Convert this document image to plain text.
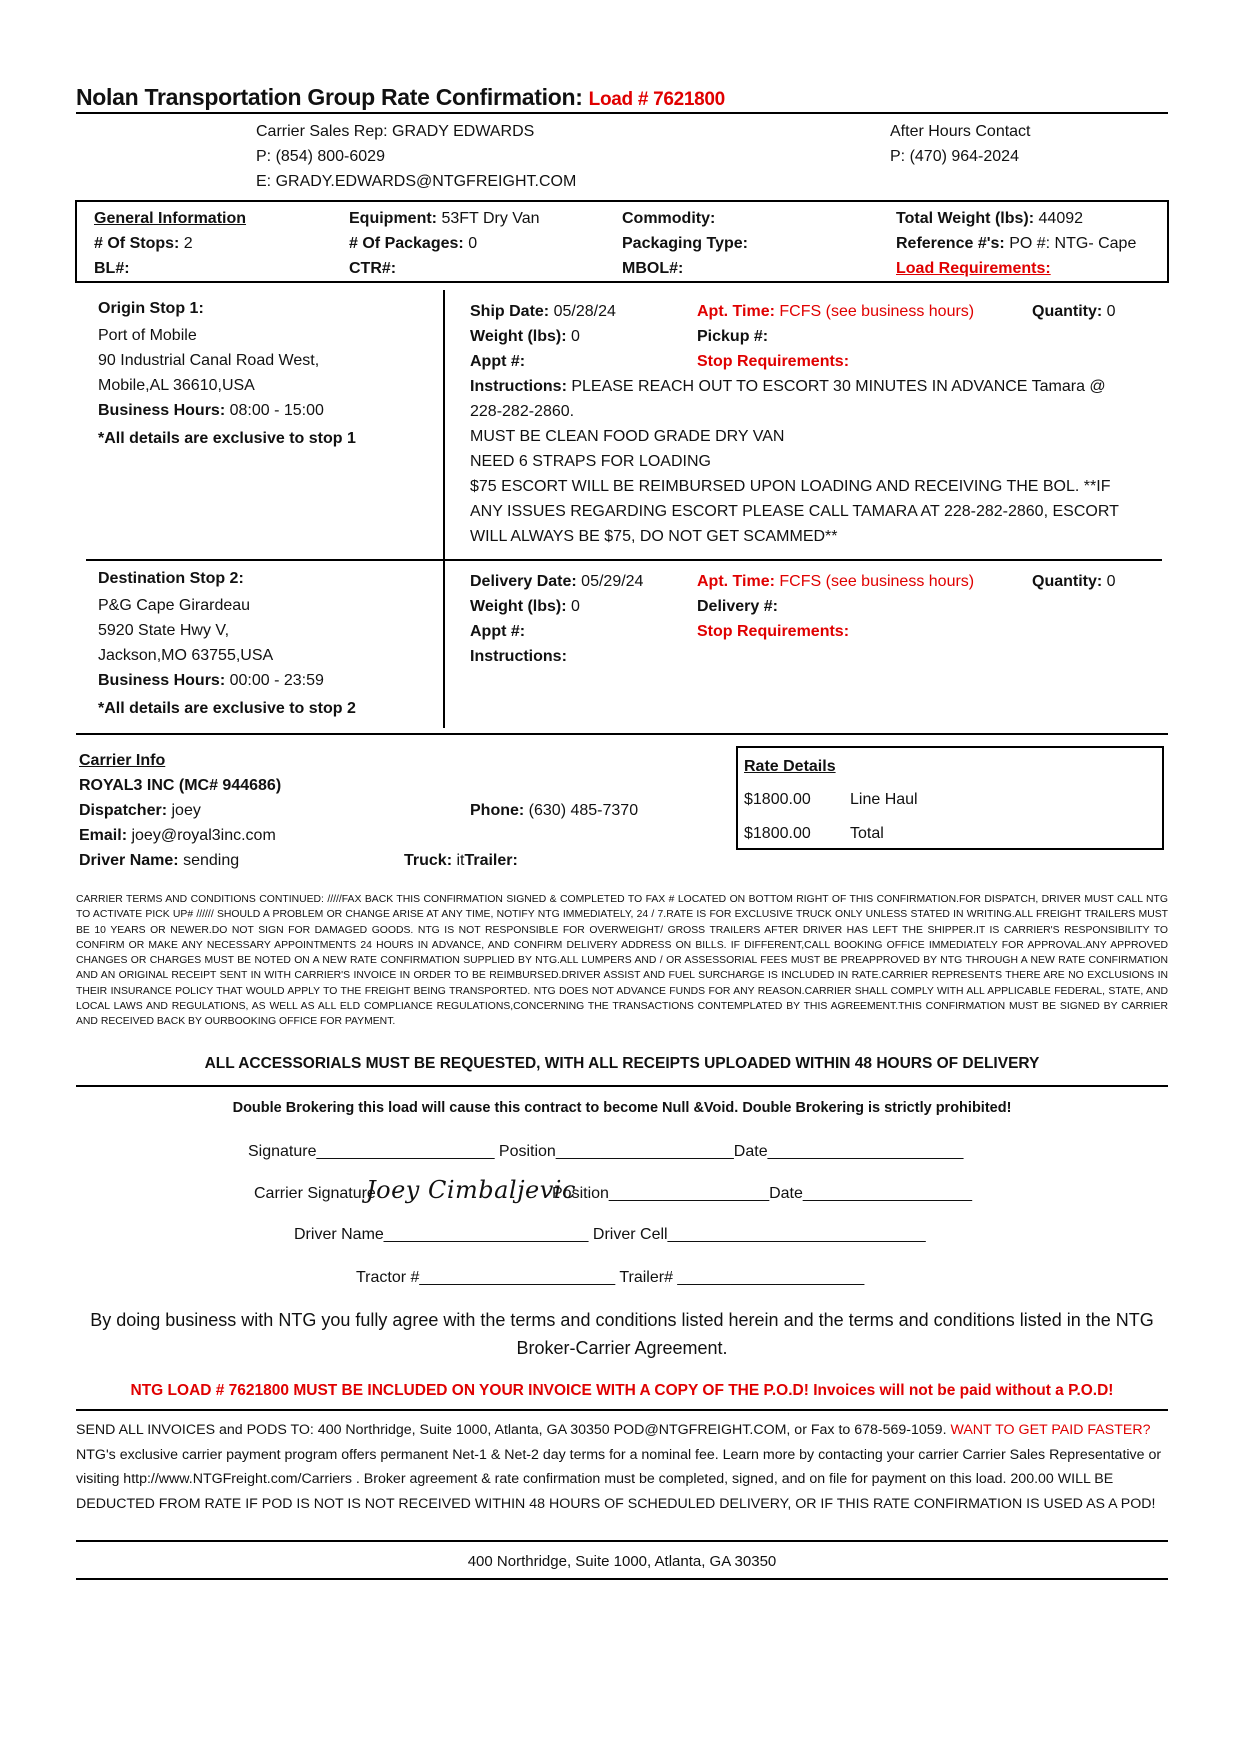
Nolan Transportation Group Rate Confirmation: Load # 7621800
Carrier Sales Rep: GRADY EDWARDS
P: (854) 800-6029
E: GRADY.EDWARDS@NTGFREIGHT.COM
After Hours Contact
P: (470) 964-2024
General Information
# Of Stops: 2
BL#:
Equipment: 53FT Dry Van
# Of Packages: 0
CTR#:
Commodity:
Packaging Type:
MBOL#:
Total Weight (lbs): 44092
Reference #'s: PO #: NTG- Cape
Load Requirements:
Origin Stop 1:
Port of Mobile
90 Industrial Canal Road West,
Mobile,AL 36610,USA
Business Hours: 08:00 - 15:00
*All details are exclusive to stop 1
Ship Date: 05/28/24
Weight (lbs): 0
Appt #:
Apt. Time: FCFS (see business hours)
Pickup #:
Stop Requirements:
Quantity: 0
Instructions: PLEASE REACH OUT TO ESCORT 30 MINUTES IN ADVANCE Tamara @
228-282-2860.
MUST BE CLEAN FOOD GRADE DRY VAN
NEED 6 STRAPS FOR LOADING
$75 ESCORT WILL BE REIMBURSED UPON LOADING AND RECEIVING THE BOL. **IF
ANY ISSUES REGARDING ESCORT PLEASE CALL TAMARA AT 228-282-2860, ESCORT
WILL ALWAYS BE $75, DO NOT GET SCAMMED**
Destination Stop 2:
P&G Cape Girardeau
5920 State Hwy V,
Jackson,MO 63755,USA
Business Hours: 00:00 - 23:59
*All details are exclusive to stop 2
Delivery Date: 05/29/24
Weight (lbs): 0
Appt #:
Instructions:
Apt. Time: FCFS (see business hours)
Delivery #:
Stop Requirements:
Quantity: 0
Carrier Info
ROYAL3 INC (MC# 944686)
Dispatcher: joey
Email: joey@royal3inc.com
Driver Name: sending
Phone: (630) 485-7370
Truck: itTrailer:
Rate Details
$1800.00 Line Haul
$1800.00 Total
CARRIER TERMS AND CONDITIONS CONTINUED: /////FAX BACK THIS CONFIRMATION SIGNED & COMPLETED TO FAX # LOCATED ON BOTTOM RIGHT OF THIS CONFIRMATION.FOR DISPATCH, DRIVER MUST CALL NTG TO ACTIVATE PICK UP# ////// SHOULD A PROBLEM OR CHANGE ARISE AT ANY TIME, NOTIFY NTG IMMEDIATELY, 24 / 7.RATE IS FOR EXCLUSIVE TRUCK ONLY UNLESS STATED IN WRITING.ALL FREIGHT TRAILERS MUST BE 10 YEARS OR NEWER.DO NOT SIGN FOR DAMAGED GOODS. NTG IS NOT RESPONSIBLE FOR OVERWEIGHT/ GROSS TRAILERS AFTER DRIVER HAS LEFT THE SHIPPER.IT IS CARRIER'S RESPONSIBILITY TO CONFIRM OR MAKE ANY NECESSARY APPOINTMENTS 24 HOURS IN ADVANCE, AND CONFIRM DELIVERY ADDRESS ON BILLS. IF DIFFERENT,CALL BOOKING OFFICE IMMEDIATELY FOR APPROVAL.ANY APPROVED CHANGES OR CHARGES MUST BE NOTED ON A NEW RATE CONFIRMATION SUPPLIED BY NTG.ALL LUMPERS AND / OR ASSESSORIAL FEES MUST BE PREAPPROVED BY NTG THROUGH A NEW RATE CONFIRMATION AND AN ORIGINAL RECEIPT SENT IN WITH CARRIER'S INVOICE IN ORDER TO BE REIMBURSED.DRIVER ASSIST AND FUEL SURCHARGE IS INCLUDED IN RATE.CARRIER REPRESENTS THERE ARE NO EXCLUSIONS IN THEIR INSURANCE POLICY THAT WOULD APPLY TO THE FREIGHT BEING TRANSPORTED. NTG DOES NOT ADVANCE FUNDS FOR ANY REASON.CARRIER SHALL COMPLY WITH ALL APPLICABLE FEDERAL, STATE, AND LOCAL LAWS AND REGULATIONS, AS WELL AS ALL ELD COMPLIANCE REGULATIONS,CONCERNING THE TRANSACTIONS CONTEMPLATED BY THIS AGREEMENT.THIS CONFIRMATION MUST BE SIGNED BY CARRIER AND RECEIVED BACK BY OURBOOKING OFFICE FOR PAYMENT.
ALL ACCESSORIALS MUST BE REQUESTED, WITH ALL RECEIPTS UPLOADED WITHIN 48 HOURS OF DELIVERY
Double Brokering this load will cause this contract to become Null &Void. Double Brokering is strictly prohibited!
Signature____________________ Position____________________Date______________________
Carrier Signature
Joey Cimbaljevic
Position__________________Date___________________
Driver Name_______________________ Driver Cell_____________________________
Tractor #______________________ Trailer# _____________________
By doing business with NTG you fully agree with the terms and conditions listed herein and the terms and conditions listed in the NTG Broker-Carrier Agreement.
NTG LOAD # 7621800 MUST BE INCLUDED ON YOUR INVOICE WITH A COPY OF THE P.O.D! Invoices will not be paid without a P.O.D!
SEND ALL INVOICES and PODS TO: 400 Northridge, Suite 1000, Atlanta, GA 30350 POD@NTGFREIGHT.COM, or Fax to 678-569-1059. WANT TO GET PAID FASTER? NTG's exclusive carrier payment program offers permanent Net-1 & Net-2 day terms for a nominal fee. Learn more by contacting your carrier Carrier Sales Representative or visiting http://www.NTGFreight.com/Carriers . Broker agreement & rate confirmation must be completed, signed, and on file for payment on this load. 200.00 WILL BE DEDUCTED FROM RATE IF POD IS NOT IS NOT RECEIVED WITHIN 48 HOURS OF SCHEDULED DELIVERY, OR IF THIS RATE CONFIRMATION IS USED AS A POD!
400 Northridge, Suite 1000, Atlanta, GA 30350
